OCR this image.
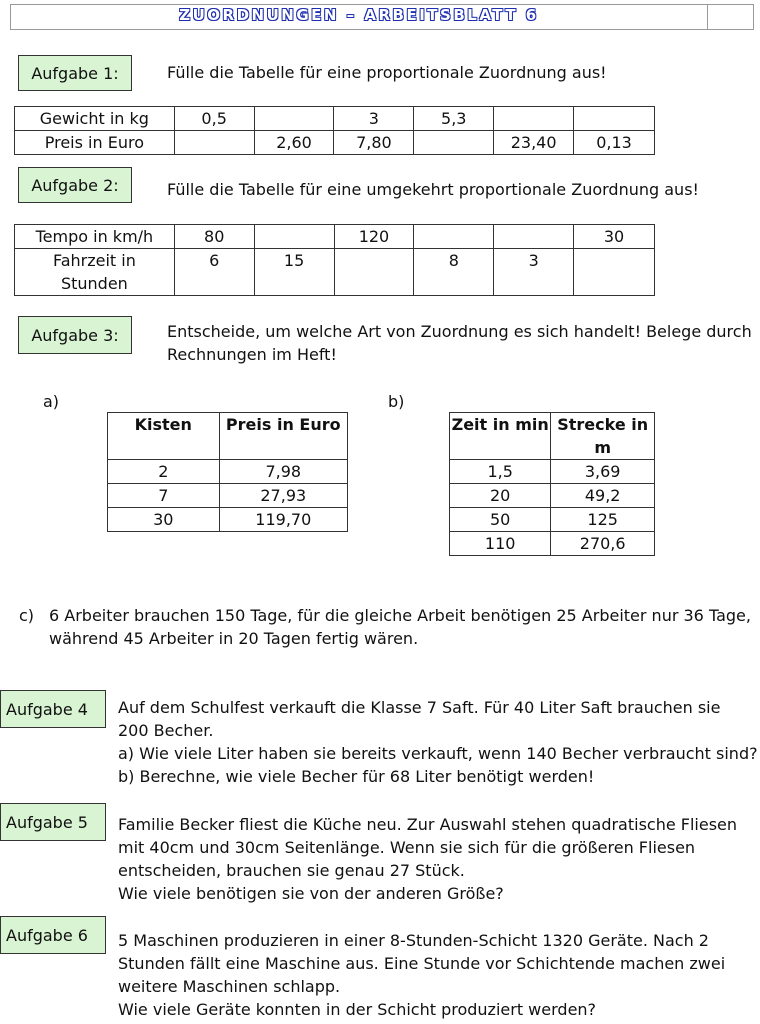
ZUORDNUNGEN – ARBEITSBLATT 6
Aufgabe 1:	Fülle die Tabelle für eine proportionale Zuordnung aus!
Gewicht in kg	0,5		3	5,3		
Preis in Euro		2,60	7,80		23,40	0,13
Aufgabe 2:	Fülle die Tabelle für eine umgekehrt proportionale Zuordnung aus!
Tempo in km/h	80		120			30

Fahrzeit in
Stunden	6	15		8	3	
Aufgabe 3:	Entscheide, um welche Art von Zuordnung es sich handelt! Belege durch
Rechnungen im Heft!
a)
Kisten	Preis in Euro
2	7,98
7	27,93
30	119,70
b)
Zeit in min	Strecke in
m

1,5	3,69
20	49,2
50	125
110	270,6
c) 6 Arbeiter brauchen 150 Tage, für die gleiche Arbeit benötigen 25 Arbeiter nur 36 Tage,
während 45 Arbeiter in 20 Tagen fertig wären.
Aufgabe 4	Auf dem Schulfest verkauft die Klasse 7 Saft. Für 40 Liter Saft brauchen sie
200 Becher.
a) Wie viele Liter haben sie bereits verkauft, wenn 140 Becher verbraucht sind?
b) Berechne, wie viele Becher für 68 Liter benötigt werden!
Aufgabe 5	Familie Becker fliest die Küche neu. Zur Auswahl stehen quadratische Fliesen
mit 40cm und 30cm Seitenlänge. Wenn sie sich für die größeren Fliesen
entscheiden, brauchen sie genau 27 Stück.
Wie viele benötigen sie von der anderen Größe?
Aufgabe 6	5 Maschinen produzieren in einer 8-Stunden-Schicht 1320 Geräte. Nach 2
Stunden fällt eine Maschine aus. Eine Stunde vor Schichtende machen zwei
weitere Maschinen schlapp.
Wie viele Geräte konnten in der Schicht produziert werden?
